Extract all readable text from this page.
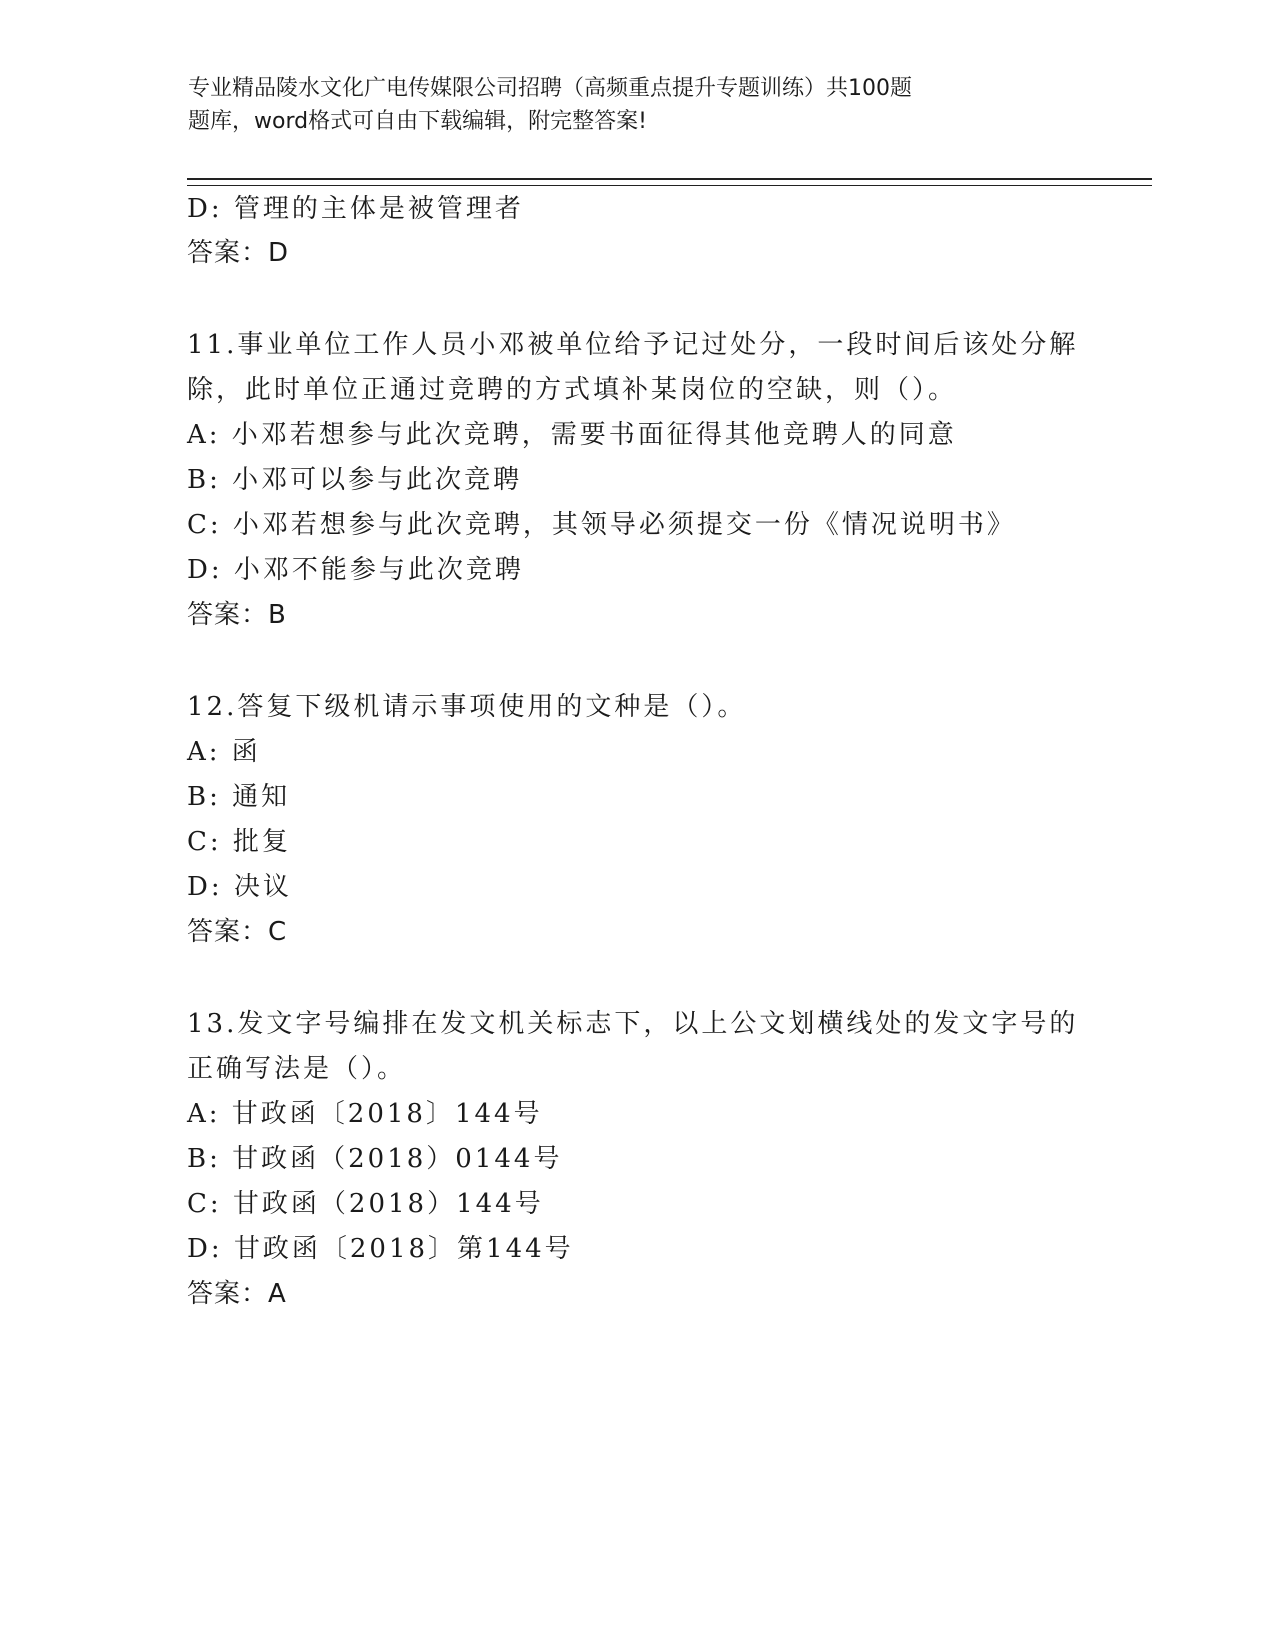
专业精品陵水文化广电传媒限公司招聘（高频重点提升专题训练）共100题
题库，word格式可自由下载编辑，附完整答案!
D: 管理的主体是被管理者
答案：D
11.事业单位工作人员小邓被单位给予记过处分，一段时间后该处分解
除，此时单位正通过竞聘的方式填补某岗位的空缺，则（）。
A: 小邓若想参与此次竞聘，需要书面征得其他竞聘人的同意
B: 小邓可以参与此次竞聘
C: 小邓若想参与此次竞聘，其领导必须提交一份《情况说明书》
D: 小邓不能参与此次竞聘
答案：B
12.答复下级机请示事项使用的文种是（）。
A: 函
B: 通知
C: 批复
D: 决议
答案：C
13.发文字号编排在发文机关标志下，以上公文划横线处的发文字号的
正确写法是（）。
A: 甘政函〔2018〕144号
B: 甘政函（2018）0144号
C: 甘政函（2018）144号
D: 甘政函〔2018〕第144号
答案：A
